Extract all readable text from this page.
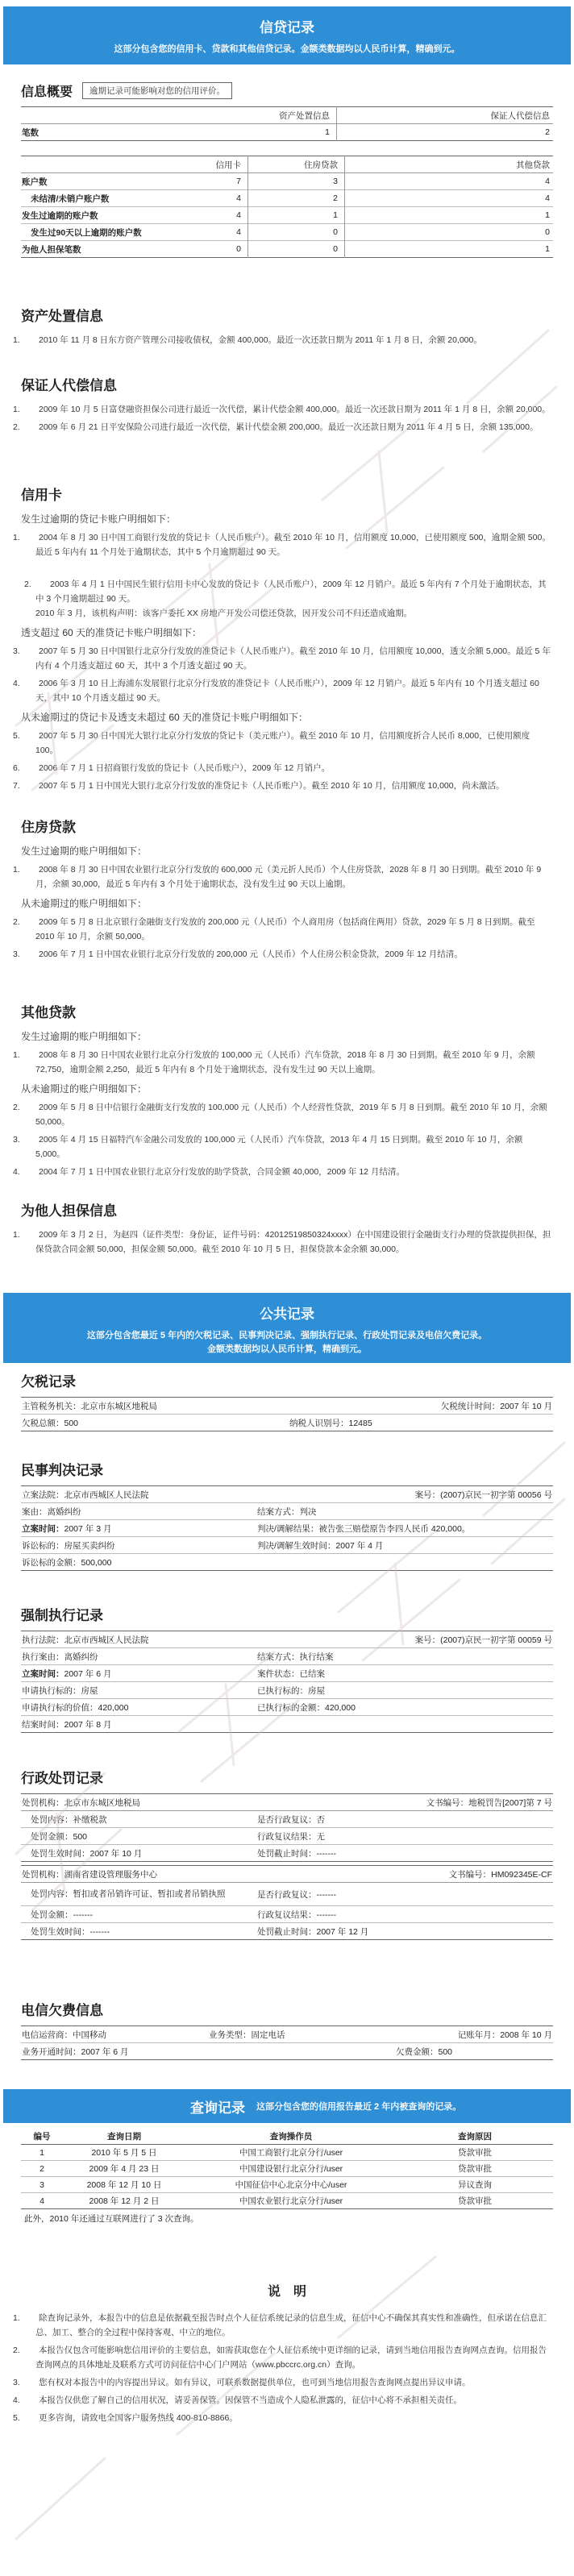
信贷记录
这部分包含您的信用卡、贷款和其他信贷记录。金额类数据均以人民币计算，精确到元。
信息概要	逾期记录可能影响对您的信用评价。
	资产处置信息	保证人代偿信息
笔数	1	2
	信用卡	住房贷款	其他贷款
账户数	7	3	4
未结清/未销户账户数	4	2	4
发生过逾期的账户数	4	1	1
发生过90天以上逾期的账户数	4	0	0
为他人担保笔数	0	0	1
资产处置信息
1. 2010 年 11 月 8 日东方资产管理公司接收债权，金额 400,000。最近一次还款日期为 2011 年 1 月 8 日，余额 20,000。
保证人代偿信息
1. 2009 年 10 月 5 日富登融资担保公司进行最近一次代偿，累计代偿金额 400,000。最近一次还款日期为 2011 年 1 月 8 日，余额 20,000。
2. 2009 年 6 月 21 日平安保险公司进行最近一次代偿，累计代偿金额 200,000。最近一次还款日期为 2011 年 4 月 5 日，余额 135,000。
信用卡
发生过逾期的贷记卡账户明细如下：
1. 2004 年 8 月 30 日中国工商银行发放的贷记卡（人民币账户）。截至 2010 年 10 月，信用额度 10,000，已使用额度 500，逾期金额 500。最近 5 年内有 11 个月处于逾期状态，其中 5 个月逾期超过 90 天。

2. 2003 年 4 月 1 日中国民生银行信用卡中心发放的贷记卡（人民币账户），2009 年 12 月销户。最近 5 年内有 7 个月处于逾期状态，其中 3 个月逾期超过 90 天。
2010 年 3 月，该机构声明：该客户委托 XX 房地产开发公司偿还贷款，因开发公司不归还造成逾期。

透支超过 60 天的准贷记卡账户明细如下：
3. 2007 年 5 月 30 日中国银行北京分行发放的准贷记卡（人民币账户）。截至 2010 年 10 月，信用额度 10,000，透支余额 5,000。最近 5 年内有 4 个月透支超过 60 天，其中 3 个月透支超过 90 天。
4. 2006 年 3 月 10 日上海浦东发展银行北京分行发放的准贷记卡（人民币账户），2009 年 12 月销户。最近 5 年内有 10 个月透支超过 60 天，其中 10 个月透支超过 90 天。
从未逾期过的贷记卡及透支未超过 60 天的准贷记卡账户明细如下：
5. 2007 年 5 月 30 日中国光大银行北京分行发放的贷记卡（美元账户）。截至 2010 年 10 月，信用额度折合人民币 8,000，已使用额度 100。
6. 2006 年 7 月 1 日招商银行发放的贷记卡（人民币账户），2009 年 12 月销户。
7. 2007 年 5 月 1 日中国光大银行北京分行发放的准贷记卡（人民币账户）。截至 2010 年 10 月，信用额度 10,000，尚未激活。
住房贷款
发生过逾期的账户明细如下：
1. 2008 年 8 月 30 日中国农业银行北京分行发放的 600,000 元（美元折人民币）个人住房贷款，2028 年 8 月 30 日到期。截至 2010 年 9 月，余额 30,000，最近 5 年内有 3 个月处于逾期状态，没有发生过 90 天以上逾期。
从未逾期过的账户明细如下：
2. 2009 年 5 月 8 日北京银行金融街支行发放的 200,000 元（人民币）个人商用房（包括商住两用）贷款，2029 年 5 月 8 日到期。截至 2010 年 10 月，余额 50,000。
3. 2006 年 7 月 1 日中国农业银行北京分行发放的 200,000 元（人民币）个人住房公积金贷款，2009 年 12 月结清。
其他贷款
发生过逾期的账户明细如下：
1. 2008 年 8 月 30 日中国农业银行北京分行发放的 100,000 元（人民币）汽车贷款，2018 年 8 月 30 日到期。截至 2010 年 9 月，余额 72,750，逾期金额 2,250，最近 5 年内有 8 个月处于逾期状态，没有发生过 90 天以上逾期。
从未逾期过的账户明细如下：
2. 2009 年 5 月 8 日中信银行金融街支行发放的 100,000 元（人民币）个人经营性贷款，2019 年 5 月 8 日到期。截至 2010 年 10 月，余额 50,000。
3. 2005 年 4 月 15 日福特汽车金融公司发放的 100,000 元（人民币）汽车贷款，2013 年 4 月 15 日到期。截至 2010 年 10 月，余额 5,000。
4. 2004 年 7 月 1 日中国农业银行北京分行发放的助学贷款，合同金额 40,000，2009 年 12 月结清。
为他人担保信息
1. 2009 年 3 月 2 日，为赵四（证件类型：身份证，证件号码：42012519850324xxxx）在中国建设银行金融街支行办理的贷款提供担保，担保贷款合同金额 50,000，担保金额 50,000。截至 2010 年 10 月 5 日，担保贷款本金余额 30,000。
公共记录
这部分包含您最近 5 年内的欠税记录、民事判决记录、强制执行记录、行政处罚记录及电信欠费记录。
金额类数据均以人民币计算，精确到元。
欠税记录
主管税务机关：北京市东城区地税局	欠税统计时间：2007 年 10 月
欠税总额：500	纳税人识别号：12485
民事判决记录
立案法院：北京市西城区人民法院	案号：(2007)京民一初字第 00056 号
案由：离婚纠纷	结案方式：判决
立案时间：2007 年 3 月	判决/调解结果：被告张三赔偿原告李四人民币 420,000。
诉讼标的：房屋买卖纠纷	判决/调解生效时间：2007 年 4 月
诉讼标的金额：500,000	
强制执行记录
执行法院：北京市西城区人民法院	案号：(2007)京民一初字第 00059 号
执行案由：离婚纠纷	结案方式：执行结案
立案时间：2007 年 6 月	案件状态：已结案
申请执行标的：房屋	已执行标的：房屋
申请执行标的价值：420,000	已执行标的金额：420,000
结案时间：2007 年 8 月	
行政处罚记录
处罚机构：北京市东城区地税局	文书编号：地税罚告[2007]第 7 号
处罚内容：补缴税款	是否行政复议：否
处罚金额：500	行政复议结果：无
处罚生效时间：2007 年 10 月	处罚截止时间：-------
处罚机构：湖南省建设管理服务中心	文书编号：HM092345E-CF
处罚内容：暂扣或者吊销许可证、暂扣或者吊销执照	是否行政复议：-------
处罚金额：-------	行政复议结果：-------
处罚生效时间：-------	处罚截止时间：2007 年 12 月
电信欠费信息
电信运营商：中国移动	业务类型：固定电话	记账年月：2008 年 10 月
业务开通时间：2007 年 6 月		欠费金额：500
查询记录	这部分包含您的信用报告最近 2 年内被查询的记录。
编号	查询日期	查询操作员	查询原因
1	2010 年 5 月 5 日	中国工商银行北京分行/user	贷款审批
2	2009 年 4 月 23 日	中国建设银行北京分行/user	贷款审批
3	2008 年 12 月 10 日	中国征信中心北京分中心/user	异议查询
4	2008 年 12 月 2 日	中国农业银行北京分行/user	贷款审批
此外，2010 年还通过互联网进行了 3 次查询。
说　明
1. 除查询记录外，本报告中的信息是依据截至报告时点个人征信系统记录的信息生成，征信中心不确保其真实性和准确性，但承诺在信息汇总、加工、整合的全过程中保持客观、中立的地位。
2. 本报告仅包含可能影响您信用评价的主要信息，如需获取您在个人征信系统中更详细的记录，请到当地信用报告查询网点查询。信用报告查询网点的具体地址及联系方式可访问征信中心门户网站（www.pbccrc.org.cn）查询。
3. 您有权对本报告中的内容提出异议。如有异议，可联系数据提供单位，也可到当地信用报告查询网点提出异议申请。
4. 本报告仅供您了解自己的信用状况，请妥善保管。因保管不当造成个人隐私泄露的，征信中心将不承担相关责任。
5. 更多咨询，请致电全国客户服务热线 400-810-8866。
